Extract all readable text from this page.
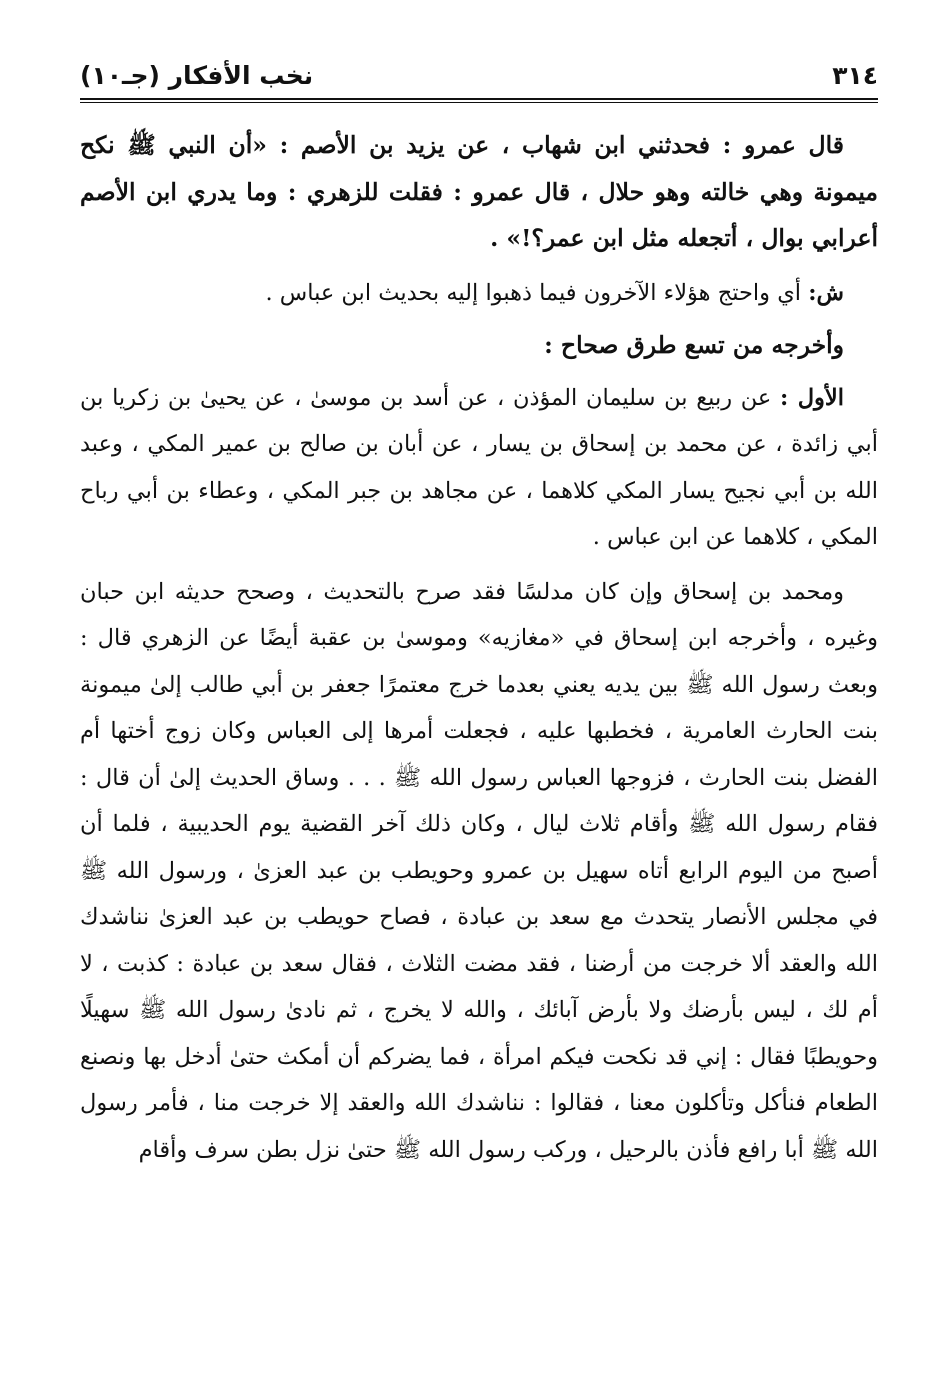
٣١٤
نخب الأفكار (جـ١٠)

قال عمرو : فحدثني ابن شهاب ، عن يزيد بن الأصم : «أن النبي ﷺ نكح ميمونة وهي خالته وهو حلال ، قال عمرو : فقلت للزهري : وما يدري ابن الأصم أعرابي بوال ، أتجعله مثل ابن عمر؟!» .

ش: أي واحتج هؤلاء الآخرون فيما ذهبوا إليه بحديث ابن عباس .

وأخرجه من تسع طرق صحاح :

الأول : عن ربيع بن سليمان المؤذن ، عن أسد بن موسىٰ ، عن يحيىٰ بن زكريا بن أبي زائدة ، عن محمد بن إسحاق بن يسار ، عن أبان بن صالح بن عمير المكي ، وعبد الله بن أبي نجيح يسار المكي كلاهما ، عن مجاهد بن جبر المكي ، وعطاء بن أبي رباح المكي ، كلاهما عن ابن عباس .

ومحمد بن إسحاق وإن كان مدلسًا فقد صرح بالتحديث ، وصحح حديثه ابن حبان وغيره ، وأخرجه ابن إسحاق في «مغازيه» وموسىٰ بن عقبة أيضًا عن الزهري قال : وبعث رسول الله ﷺ بين يديه يعني بعدما خرج معتمرًا جعفر بن أبي طالب إلىٰ ميمونة بنت الحارث العامرية ، فخطبها عليه ، فجعلت أمرها إلى العباس وكان زوج أختها أم الفضل بنت الحارث ، فزوجها العباس رسول الله ﷺ . . . وساق الحديث إلىٰ أن قال : فقام رسول الله ﷺ وأقام ثلاث ليال ، وكان ذلك آخر القضية يوم الحديبية ، فلما أن أصبح من اليوم الرابع أتاه سهيل بن عمرو وحويطب بن عبد العزىٰ ، ورسول الله ﷺ في مجلس الأنصار يتحدث مع سعد بن عبادة ، فصاح حويطب بن عبد العزىٰ نناشدك الله والعقد ألا خرجت من أرضنا ، فقد مضت الثلاث ، فقال سعد بن عبادة : كذبت ، لا أم لك ، ليس بأرضك ولا بأرض آبائك ، والله لا يخرج ، ثم نادىٰ رسول الله ﷺ سهيلًا وحويطبًا فقال : إني قد نكحت فيكم امرأة ، فما يضركم أن أمكث حتىٰ أدخل بها ونصنع الطعام فنأكل وتأكلون معنا ، فقالوا : نناشدك الله والعقد إلا خرجت منا ، فأمر رسول الله ﷺ أبا رافع فأذن بالرحيل ، وركب رسول الله ﷺ حتىٰ نزل بطن سرف وأقام
